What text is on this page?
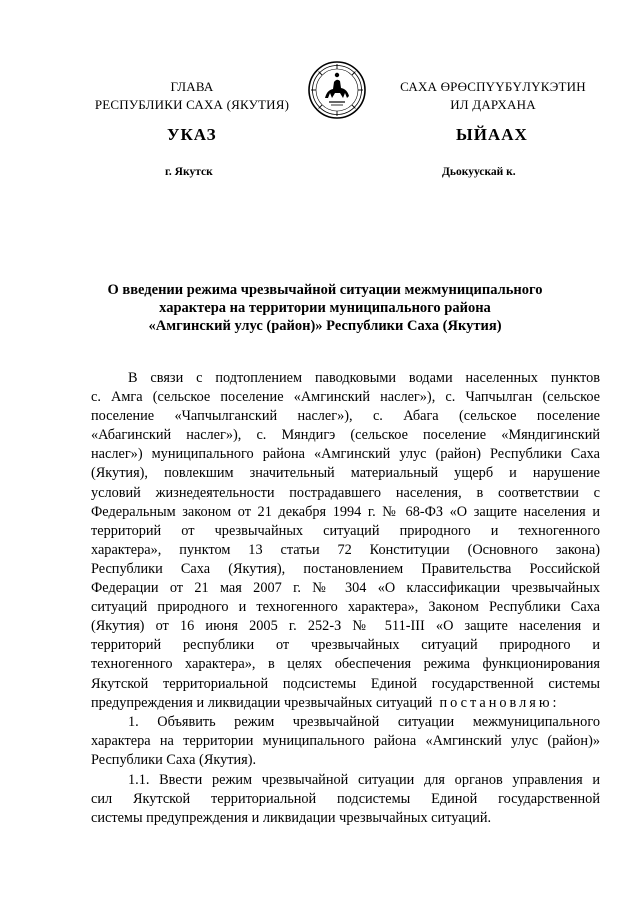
ГЛАВА
РЕСПУБЛИКИ САХА (ЯКУТИЯ)
САХА ӨРӨСПҮҮБҮЛҮКЭТИН
ИЛ ДАРХАНА
УКАЗ	ЫЙААХ
г. Якутск	Дьокуускай к.
О введении режима чрезвычайной ситуации межмуниципального
характера на территории муниципального района
«Амгинский улус (район)» Республики Саха (Якутия)
В связи с подтоплением паводковыми водами населенных пунктов
с. Амга (сельское поселение «Амгинский наслег»), с. Чапчылган (сельское
поселение «Чапчылганский наслег»), с. Абага (сельское поселение
«Абагинский наслег»), с. Мяндигэ (сельское поселение «Мяндигинский
наслег») муниципального района «Амгинский улус (район) Республики Саха
(Якутия), повлекшим значительный материальный ущерб и нарушение
условий жизнедеятельности пострадавшего населения, в соответствии с
Федеральным законом от 21 декабря 1994 г. № 68-ФЗ «О защите населения и
территорий от чрезвычайных ситуаций природного и техногенного
характера», пунктом 13 статьи 72 Конституции (Основного закона)
Республики Саха (Якутия), постановлением Правительства Российской
Федерации от 21 мая 2007 г. № 304 «О классификации чрезвычайных
ситуаций природного и техногенного характера», Законом Республики Саха
(Якутия) от 16 июня 2005 г. 252-З № 511-III «О защите населения и
территорий республики от чрезвычайных ситуаций природного и
техногенного характера», в целях обеспечения режима функционирования
Якутской территориальной подсистемы Единой государственной системы
предупреждения и ликвидации чрезвычайных ситуаций постановляю:
1. Объявить режим чрезвычайной ситуации межмуниципального
характера на территории муниципального района «Амгинский улус (район)»
Республики Саха (Якутия).
1.1. Ввести режим чрезвычайной ситуации для органов управления и
сил Якутской территориальной подсистемы Единой государственной
системы предупреждения и ликвидации чрезвычайных ситуаций.
